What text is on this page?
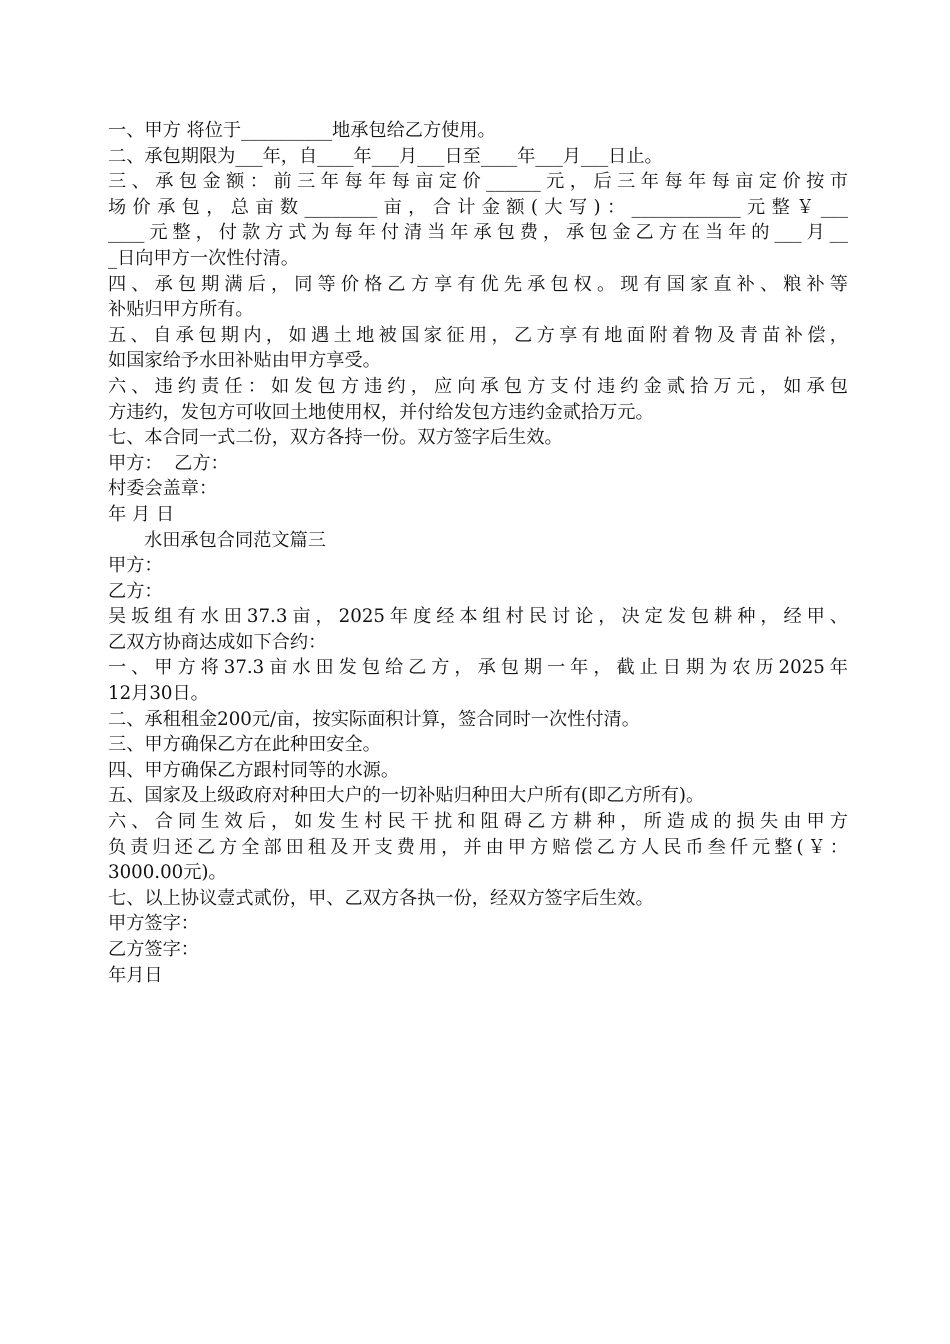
一、甲方 将位于__________地承包给乙方使用。
二、承包期限为___年，自____年___月___日至____年___月___日止。
三、承包金额：前三年每年每亩定价______元，后三年每年每亩定价按市
场价承包，总亩数________亩，合计金额(大写)：____________元整￥___
____元整，付款方式为每年付清当年承包费，承包金乙方在当年的___月__
_日向甲方一次性付清。
四、承包期满后，同等价格乙方享有优先承包权。现有国家直补、粮补等
补贴归甲方所有。
五、自承包期内，如遇土地被国家征用，乙方享有地面附着物及青苗补偿，
如国家给予水田补贴由甲方享受。
六、违约责任：如发包方违约，应向承包方支付违约金贰拾万元，如承包
方违约，发包方可收回土地使用权，并付给发包方违约金贰拾万元。
七、本合同一式二份，双方各持一份。双方签字后生效。
甲方：  乙方：
村委会盖章：
年 月 日
水田承包合同范文篇三
甲方：
乙方：
吴坂组有水田37.3亩，2025年度经本组村民讨论，决定发包耕种，经甲、
乙双方协商达成如下合约：
一、甲方将37.3亩水田发包给乙方，承包期一年，截止日期为农历2025年
12月30日。
二、承租租金200元/亩，按实际面积计算，签合同时一次性付清。
三、甲方确保乙方在此种田安全。
四、甲方确保乙方跟村同等的水源。
五、国家及上级政府对种田大户的一切补贴归种田大户所有(即乙方所有)。
六、合同生效后，如发生村民干扰和阻碍乙方耕种，所造成的损失由甲方
负责归还乙方全部田租及开支费用，并由甲方赔偿乙方人民币叁仟元整(￥：
3000.00元)。
七、以上协议壹式贰份，甲、乙双方各执一份，经双方签字后生效。
甲方签字：
乙方签字：
年月日
